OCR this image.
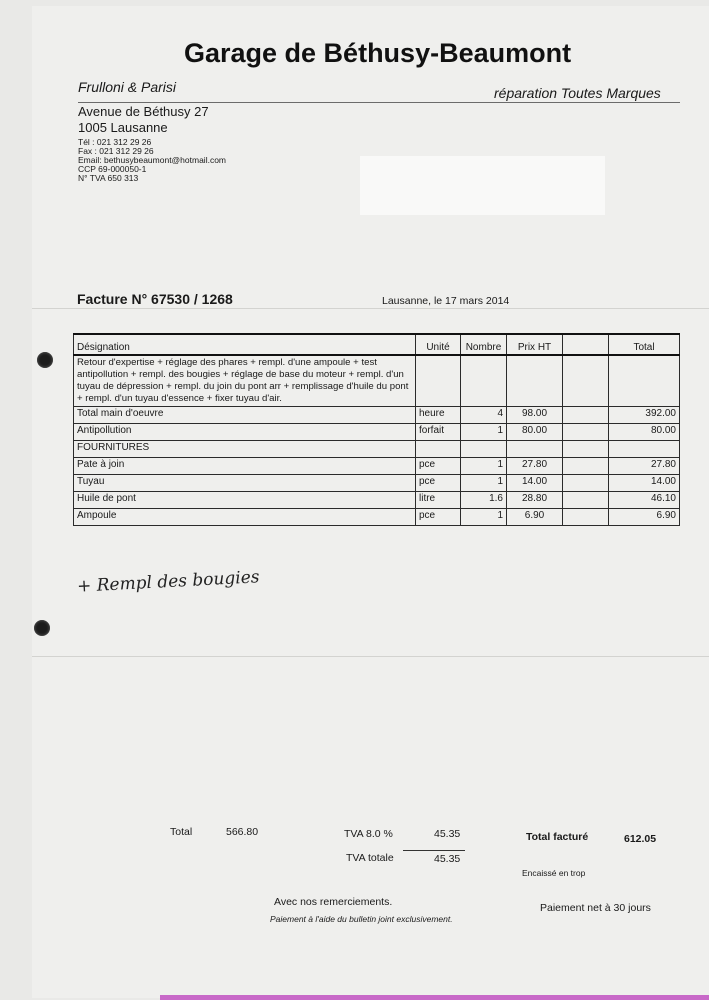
Garage de Béthusy-Beaumont
Frulloni & Parisi	réparation Toutes Marques
Avenue de Béthusy 27
1005 Lausanne
Tél : 021 312 29 26
Fax : 021 312 29 26
Email: bethusybeaumont@hotmail.com
CCP 69-000050-1
N° TVA 650 313
Facture N° 67530 / 1268	Lausanne, le 17 mars 2014
Désignation	Unité	Nombre	Prix HT		Total
Retour d'expertise + réglage des phares + rempl. d'une ampoule + test antipollution + rempl. des bougies + réglage de base du moteur + rempl. d'un tuyau de dépression + rempl. du join du pont arr + remplissage d'huile du pont + rempl. d'un tuyau d'essence + fixer tuyau d'air.					
Total main d'oeuvre	heure	4	98.00		392.00
Antipollution	forfait	1	80.00		80.00
FOURNITURES					
Pate à join	pce	1	27.80		27.80
Tuyau	pce	1	14.00		14.00
Huile de pont	litre	1.6	28.80		46.10
Ampoule	pce	1	6.90		6.90
+ Rempl des bougies
Total	566.80	TVA 8.0 %	45.35
TVA totale	45.35
Total facturé	612.05
Encaissé en trop
Avec nos remerciements.
Paiement à l'aide du bulletin joint exclusivement.
Paiement net à 30 jours
